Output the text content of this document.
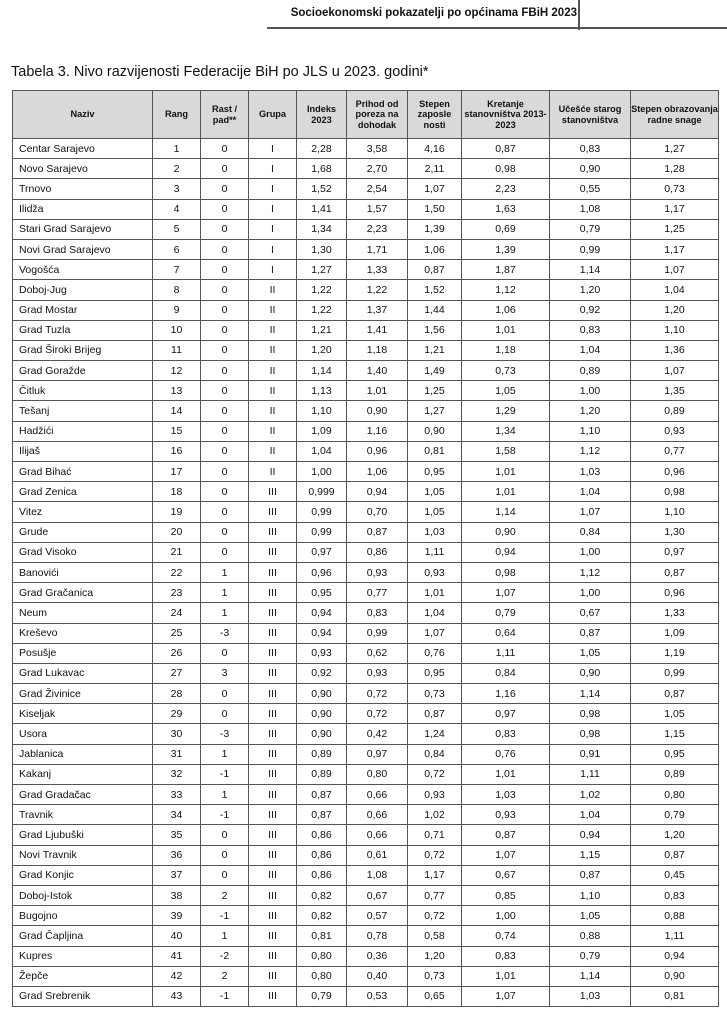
Socioekonomski pokazatelji po općinama FBiH 2023
Tabela 3. Nivo razvijenosti Federacije BiH po JLS u 2023. godini*
Naziv	Rang	Rast / pad**	Grupa	Indeks 2023	Prihod od poreza na dohodak	Stepen zaposle nosti	Kretanje stanovništva 2013-2023	Učešće starog stanovništva	Stepen obrazovanja radne snage
Centar Sarajevo	1	0	I	2,28	3,58	4,16	0,87	0,83	1,27
Novo Sarajevo	2	0	I	1,68	2,70	2,11	0,98	0,90	1,28
Trnovo	3	0	I	1,52	2,54	1,07	2,23	0,55	0,73
Ilidža	4	0	I	1,41	1,57	1,50	1,63	1,08	1,17
Stari Grad Sarajevo	5	0	I	1,34	2,23	1,39	0,69	0,79	1,25
Novi Grad Sarajevo	6	0	I	1,30	1,71	1,06	1,39	0,99	1,17
Vogošća	7	0	I	1,27	1,33	0,87	1,87	1,14	1,07
Doboj-Jug	8	0	II	1,22	1,22	1,52	1,12	1,20	1,04
Grad Mostar	9	0	II	1,22	1,37	1,44	1,06	0,92	1,20
Grad Tuzla	10	0	II	1,21	1,41	1,56	1,01	0,83	1,10
Grad Široki Brijeg	11	0	II	1,20	1,18	1,21	1,18	1,04	1,36
Grad Goražde	12	0	II	1,14	1,40	1,49	0,73	0,89	1,07
Čitluk	13	0	II	1,13	1,01	1,25	1,05	1,00	1,35
Tešanj	14	0	II	1,10	0,90	1,27	1,29	1,20	0,89
Hadžići	15	0	II	1,09	1,16	0,90	1,34	1,10	0,93
Ilijaš	16	0	II	1,04	0,96	0,81	1,58	1,12	0,77
Grad Bihać	17	0	II	1,00	1,06	0,95	1,01	1,03	0,96
Grad Zenica	18	0	III	0,999	0,94	1,05	1,01	1,04	0,98
Vitez	19	0	III	0,99	0,70	1,05	1,14	1,07	1,10
Grude	20	0	III	0,99	0,87	1,03	0,90	0,84	1,30
Grad Visoko	21	0	III	0,97	0,86	1,11	0,94	1,00	0,97
Banovići	22	1	III	0,96	0,93	0,93	0,98	1,12	0,87
Grad Gračanica	23	1	III	0,95	0,77	1,01	1,07	1,00	0,96
Neum	24	1	III	0,94	0,83	1,04	0,79	0,67	1,33
Kreševo	25	-3	III	0,94	0,99	1,07	0,64	0,87	1,09
Posušje	26	0	III	0,93	0,62	0,76	1,11	1,05	1,19
Grad Lukavac	27	3	III	0,92	0,93	0,95	0,84	0,90	0,99
Grad Živinice	28	0	III	0,90	0,72	0,73	1,16	1,14	0,87
Kiseljak	29	0	III	0,90	0,72	0,87	0,97	0,98	1,05
Usora	30	-3	III	0,90	0,42	1,24	0,83	0,98	1,15
Jablanica	31	1	III	0,89	0,97	0,84	0,76	0,91	0,95
Kakanj	32	-1	III	0,89	0,80	0,72	1,01	1,11	0,89
Grad Gradačac	33	1	III	0,87	0,66	0,93	1,03	1,02	0,80
Travnik	34	-1	III	0,87	0,66	1,02	0,93	1,04	0,79
Grad Ljubuški	35	0	III	0,86	0,66	0,71	0,87	0,94	1,20
Novi Travnik	36	0	III	0,86	0,61	0,72	1,07	1,15	0,87
Grad Konjic	37	0	III	0,86	1,08	1,17	0,67	0,87	0,45
Doboj-Istok	38	2	III	0,82	0,67	0,77	0,85	1,10	0,83
Bugojno	39	-1	III	0,82	0,57	0,72	1,00	1,05	0,88
Grad Čapljina	40	1	III	0,81	0,78	0,58	0,74	0,88	1,11
Kupres	41	-2	III	0,80	0,36	1,20	0,83	0,79	0,94
Žepče	42	2	III	0,80	0,40	0,73	1,01	1,14	0,90
Grad Srebrenik	43	-1	III	0,79	0,53	0,65	1,07	1,03	0,81
